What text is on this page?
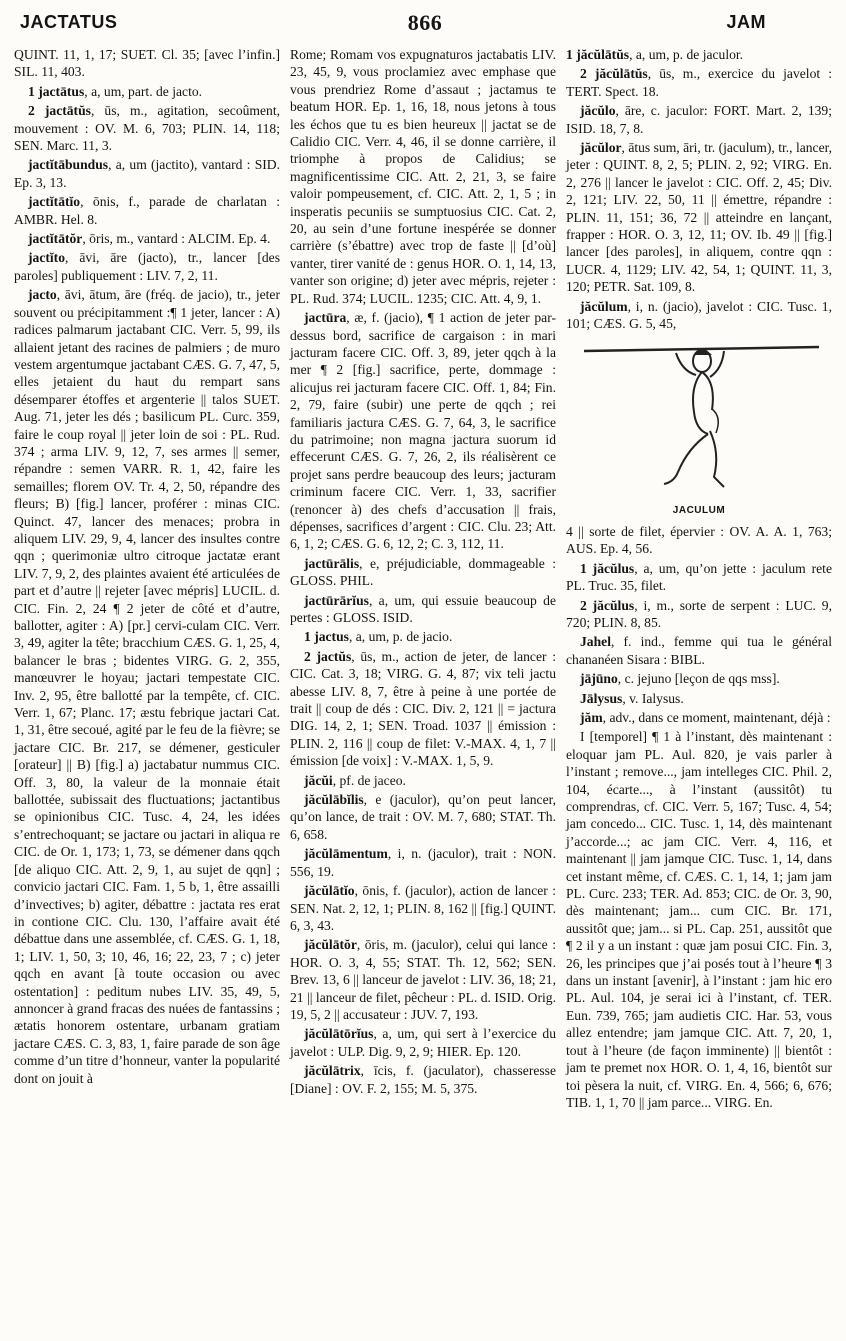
JACTATUS	866	JAM

QUINT. 11, 1, 17; SUET. Cl. 35; [avec l’infin.] SIL. 11, 403.

1 jactātus, a, um, part. de jacto.

2 jactātŭs, ūs, m., agitation, secoûment, mouvement : OV. M. 6, 703; PLIN. 14, 118; SEN. Marc. 11, 3.

jactĭtābundus, a, um (jactito), vantard : SID. Ep. 3, 13.

jactĭtātĭo, ōnis, f., parade de charlatan : AMBR. Hel. 8.

jactĭtātŏr, ōris, m., vantard : ALCIM. Ep. 4.

jactĭto, āvi, āre (jacto), tr., lancer [des paroles] publiquement : LIV. 7, 2, 11.

jacto, āvi, ātum, āre (fréq. de jacio), tr., jeter souvent ou précipitamment :¶ 1 jeter, lancer : A) radices palmarum jactabant CIC. Verr. 5, 99, ils allaient jetant des racines de palmiers ; de muro vestem argentumque jactabant CÆS. G. 7, 47, 5, elles jetaient du haut du rempart sans désemparer étoffes et argenterie || talos SUET. Aug. 71, jeter les dés ; basilicum PL. Curc. 359, faire le coup royal || jeter loin de soi : PL. Rud. 374 ; arma LIV. 9, 12, 7, ses armes || semer, répandre : semen VARR. R. 1, 42, faire les semailles; florem OV. Tr. 4, 2, 50, répandre des fleurs; B) [fig.] lancer, proférer : minas CIC. Quinct. 47, lancer des menaces; probra in aliquem LIV. 29, 9, 4, lancer des insultes contre qqn ; querimoniæ ultro citroque jactatæ erant LIV. 7, 9, 2, des plaintes avaient été articulées de part et d’autre || rejeter [avec mépris] LUCIL. d. CIC. Fin. 2, 24 ¶ 2 jeter de côté et d’autre, ballotter, agiter : A) [pr.] cervi-culam CIC. Verr. 3, 49, agiter la tête; bracchium CÆS. G. 1, 25, 4, balancer le bras ; bidentes VIRG. G. 2, 355, manœuvrer le hoyau; jactari tempestate CIC. Inv. 2, 95, être ballotté par la tempête, cf. CIC. Verr. 1, 67; Planc. 17; æstu febrique jactari Cat. 1, 31, être secoué, agité par le feu de la fièvre; se jactare CIC. Br. 217, se démener, gesticuler [orateur] || B) [fig.] a) jactabatur nummus CIC. Off. 3, 80, la valeur de la monnaie était ballottée, subissait des fluctuations; jactantibus se opinionibus CIC. Tusc. 4, 24, les idées s’entrechoquant; se jactare ou jactari in aliqua re CIC. de Or. 1, 173; 1, 73, se démener dans qqch [de aliquo CIC. Att. 2, 9, 1, au sujet de qqn] ; convicio jactari CIC. Fam. 1, 5 b, 1, être assailli d’invectives; b) agiter, débattre : jactata res erat in contione CIC. Clu. 130, l’affaire avait été débattue dans une assemblée, cf. CÆS. G. 1, 18, 1; LIV. 1, 50, 3; 10, 46, 16; 22, 23, 7 ; c) jeter qqch en avant [à toute occasion ou avec ostentation] : peditum nubes LIV. 35, 49, 5, annoncer à grand fracas des nuées de fantassins ; ætatis honorem ostentare, urbanam gratiam jactare CÆS. C. 3, 83, 1, faire parade de son âge comme d’un titre d’honneur, vanter la popularité dont on jouit à

Rome; Romam vos expugnaturos jactabatis LIV. 23, 45, 9, vous proclamiez avec emphase que vous prendriez Rome d’assaut ; jactamus te beatum HOR. Ep. 1, 16, 18, nous jetons à tous les échos que tu es bien heureux || jactat se de Calidio CIC. Verr. 4, 46, il se donne carrière, il triomphe à propos de Calidius; se magnificentissime CIC. Att. 2, 21, 3, se faire valoir pompeusement, cf. CIC. Att. 2, 1, 5 ; in insperatis pecuniis se sumptuosius CIC. Cat. 2, 20, au sein d’une fortune inespérée se donner carrière (s’ébattre) avec trop de faste || [d’où] vanter, tirer vanité de : genus HOR. O. 1, 14, 13, vanter son origine; d) jeter avec mépris, rejeter : PL. Rud. 374; LUCIL. 1235; CIC. Att. 4, 9, 1.

jactūra, æ, f. (jacio), ¶ 1 action de jeter par-dessus bord, sacrifice de cargaison : in mari jacturam facere CIC. Off. 3, 89, jeter qqch à la mer ¶ 2 [fig.] sacrifice, perte, dommage : alicujus rei jacturam facere CIC. Off. 1, 84; Fin. 2, 79, faire (subir) une perte de qqch ; rei familiaris jactura CÆS. G. 7, 64, 3, le sacrifice du patrimoine; non magna jactura suorum id effecerunt CÆS. G. 7, 26, 2, ils réalisèrent ce projet sans perdre beaucoup des leurs; jacturam criminum facere CIC. Verr. 1, 33, sacrifier (renoncer à) des chefs d’accusation || frais, dépenses, sacrifices d’argent : CIC. Clu. 23; Att. 6, 1, 2; CÆS. G. 6, 12, 2; C. 3, 112, 11.

jactūrālis, e, préjudiciable, dommageable : GLOSS. PHIL.

jactūrārĭus, a, um, qui essuie beaucoup de pertes : GLOSS. ISID.

1 jactus, a, um, p. de jacio.

2 jactŭs, ūs, m., action de jeter, de lancer : CIC. Cat. 3, 18; VIRG. G. 4, 87; vix teli jactu abesse LIV. 8, 7, être à peine à une portée de trait || coup de dés : CIC. Div. 2, 121 || = jactura DIG. 14, 2, 1; SEN. Troad. 1037 || émission : PLIN. 2, 116 || coup de filet: V.-MAX. 4, 1, 7 || émission [de voix] : V.-MAX. 1, 5, 9.

jăcŭi, pf. de jaceo.

jăcŭlābĭlis, e (jaculor), qu’on peut lancer, qu’on lance, de trait : OV. M. 7, 680; STAT. Th. 6, 658.

jăcŭlāmentum, i, n. (jaculor), trait : NON. 556, 19.

jăcŭlātĭo, ōnis, f. (jaculor), action de lancer : SEN. Nat. 2, 12, 1; PLIN. 8, 162 || [fig.] QUINT. 6, 3, 43.

jăcŭlātŏr, ōris, m. (jaculor), celui qui lance : HOR. O. 3, 4, 55; STAT. Th. 12, 562; SEN. Brev. 13, 6 || lanceur de javelot : LIV. 36, 18; 21, 21 || lanceur de filet, pêcheur : PL. d. ISID. Orig. 19, 5, 2 || accusateur : JUV. 7, 193.

jăcŭlātōrĭus, a, um, qui sert à l’exercice du javelot : ULP. Dig. 9, 2, 9; HIER. Ep. 120.

jăcŭlātrix, īcis, f. (jaculator), chasseresse [Diane] : OV. F. 2, 155; M. 5, 375.

1 jăcŭlātŭs, a, um, p. de jaculor.

2 jăcŭlātŭs, ūs, m., exercice du javelot : TERT. Spect. 18.

jăcŭlo, āre, c. jaculor: FORT. Mart. 2, 139; ISID. 18, 7, 8.

jăcŭlor, ātus sum, āri, tr. (jaculum), tr., lancer, jeter : QUINT. 8, 2, 5; PLIN. 2, 92; VIRG. En. 2, 276 || lancer le javelot : CIC. Off. 2, 45; Div. 2, 121; LIV. 22, 50, 11 || émettre, répandre : PLIN. 11, 151; 36, 72 || atteindre en lançant, frapper : HOR. O. 3, 12, 11; OV. Ib. 49 || [fig.] lancer [des paroles], in aliquem, contre qqn : LUCR. 4, 1129; LIV. 42, 54, 1; QUINT. 11, 3, 120; PETR. Sat. 109, 8.

jăcŭlum, i, n. (jacio), javelot : CIC. Tusc. 1, 101; CÆS. G. 5, 45,

JACULUM

4 || sorte de filet, épervier : OV. A. A. 1, 763; AUS. Ep. 4, 56.

1 jăcŭlus, a, um, qu’on jette : jaculum rete PL. Truc. 35, filet.

2 jăcŭlus, i, m., sorte de serpent : LUC. 9, 720; PLIN. 8, 85.

Jahel, f. ind., femme qui tua le général chananéen Sisara : BIBL.

jājūno, c. jejuno [leçon de qqs mss].

Jālysus, v. Ialysus.

jăm, adv., dans ce moment, maintenant, déjà :

I [temporel] ¶ 1 à l’instant, dès maintenant : eloquar jam PL. Aul. 820, je vais parler à l’instant ; remove..., jam intelleges CIC. Phil. 2, 104, écarte..., à l’instant (aussitôt) tu comprendras, cf. CIC. Verr. 5, 167; Tusc. 4, 54; jam concedo... CIC. Tusc. 1, 14, dès maintenant j’accorde...; ac jam CIC. Verr. 4, 116, et maintenant || jam jamque CIC. Tusc. 1, 14, dans cet instant même, cf. CÆS. C. 1, 14, 1; jam jam PL. Curc. 233; TER. Ad. 853; CIC. de Or. 3, 90, dès maintenant; jam... cum CIC. Br. 171, aussitôt que; jam... si PL. Cap. 251, aussitôt que ¶ 2 il y a un instant : quæ jam posui CIC. Fin. 3, 26, les principes que j’ai posés tout à l’heure ¶ 3 dans un instant [avenir], à l’instant : jam hic ero PL. Aul. 104, je serai ici à l’instant, cf. TER. Eun. 739, 765; jam audietis CIC. Har. 53, vous allez entendre; jam jamque CIC. Att. 7, 20, 1, tout à l’heure (de façon imminente) || bientôt : jam te premet nox HOR. O. 1, 4, 16, bientôt sur toi pèsera la nuit, cf. VIRG. En. 4, 566; 6, 676; TIB. 1, 1, 70 || jam parce... VIRG. En.
